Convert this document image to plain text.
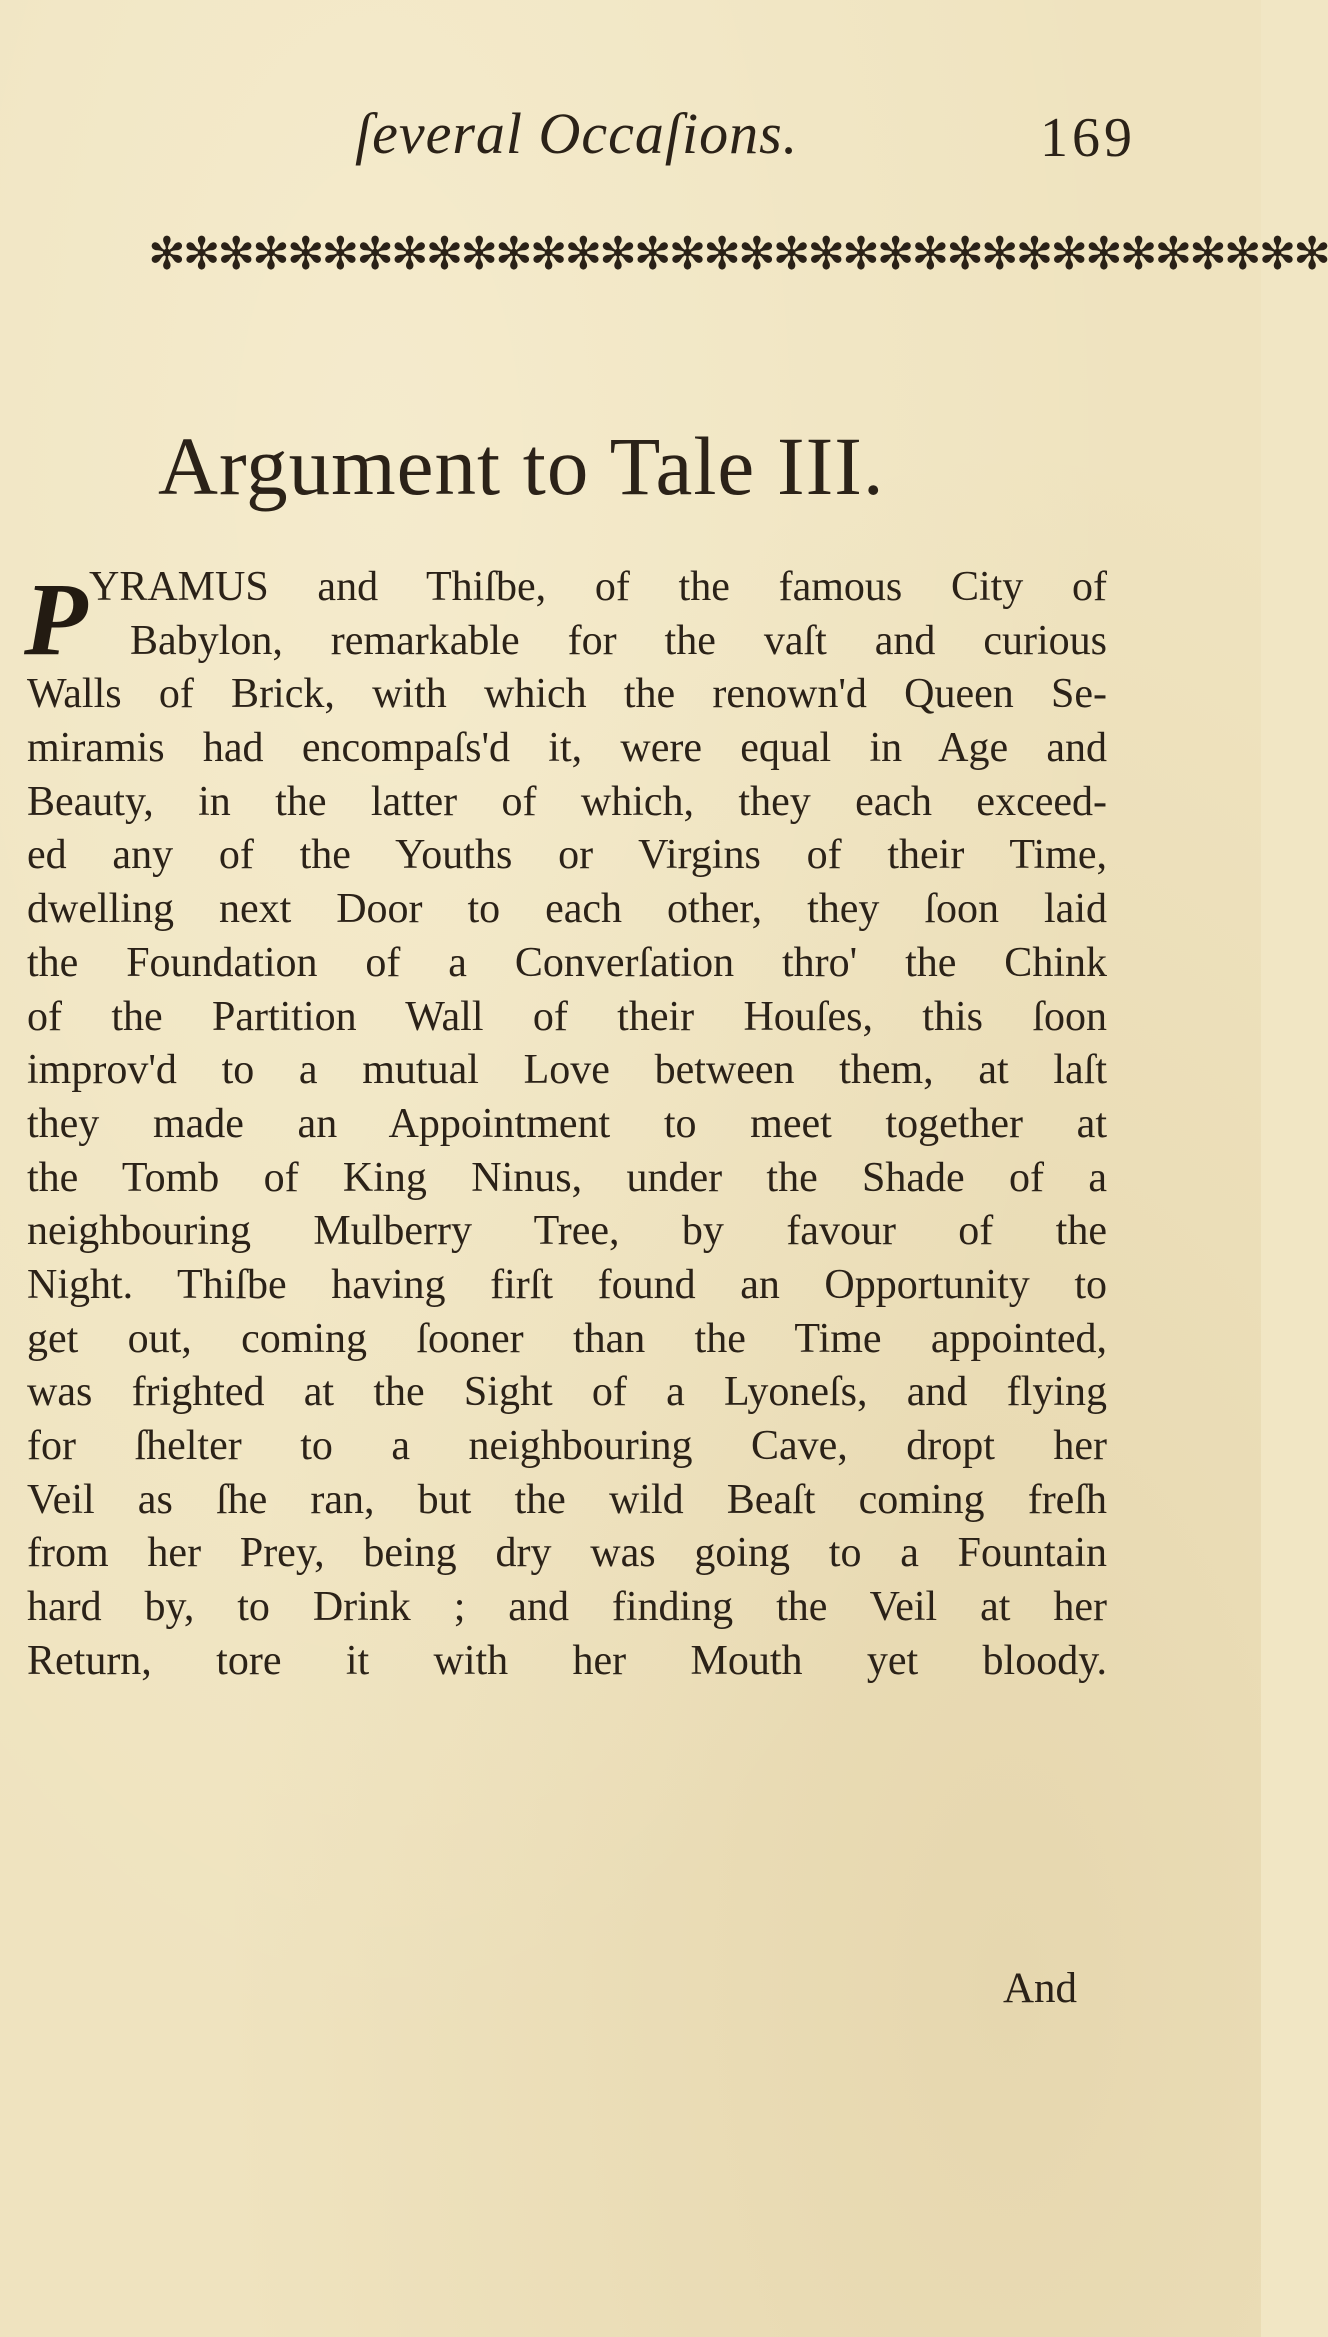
ſeveral Occaſions.	169
✻✻✻✻✻✻✻✻✻✻✻✻✻✻✻✻✻✻✻✻✻✻✻✻✻✻✻✻✻✻✻✻✻✻
Argument to Tale III.
P YRAMUS and Thiſbe, of the famous City of
Babylon, remarkable for the vaſt and curious
Walls of Brick, with which the renown'd Queen Se-
miramis had encompaſs'd it, were equal in Age and
Beauty, in the latter of which, they each exceed-
ed any of the Youths or Virgins of their Time,
dwelling next Door to each other, they ſoon laid
the Foundation of a Converſation thro' the Chink
of the Partition Wall of their Houſes, this ſoon
improv'd to a mutual Love between them, at laſt
they made an Appointment to meet together at
the Tomb of King Ninus, under the Shade of a
neighbouring Mulberry Tree, by favour of the
Night. Thiſbe having firſt found an Opportunity to
get out, coming ſooner than the Time appointed,
was frighted at the Sight of a Lyoneſs, and flying
for ſhelter to a neighbouring Cave, dropt her
Veil as ſhe ran, but the wild Beaſt coming freſh
from her Prey, being dry was going to a Fountain
hard by, to Drink ; and finding the Veil at her
Return, tore it with her Mouth yet bloody.
And
